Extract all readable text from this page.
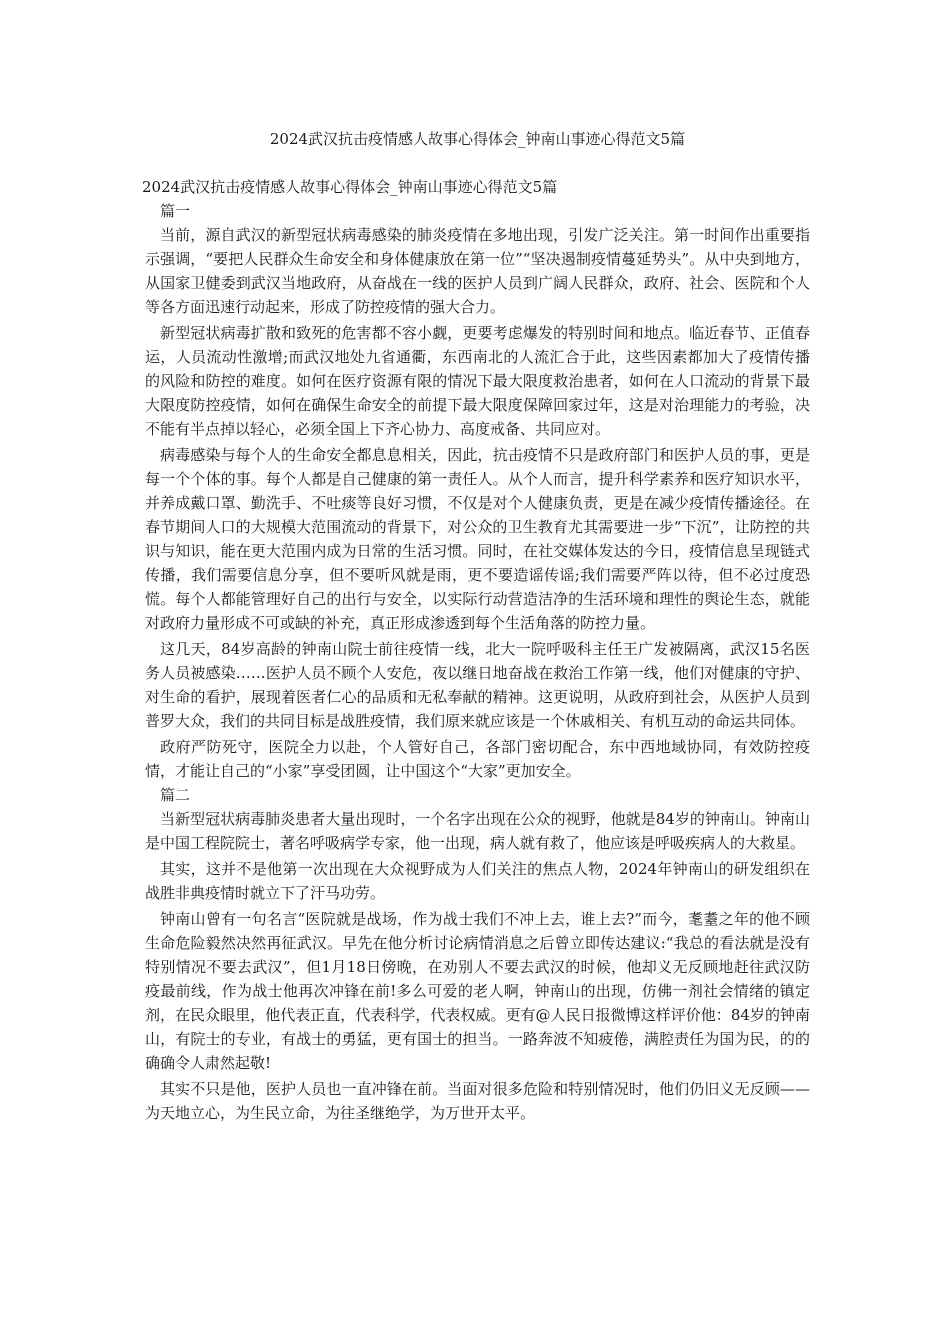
2024武汉抗击疫情感人故事心得体会_钟南山事迹心得范文5篇
2024武汉抗击疫情感人故事心得体会_钟南山事迹心得范文5篇
篇一

当前，源自武汉的新型冠状病毒感染的肺炎疫情在多地出现，引发广泛关注。第一时间作出重要指示强调，“要把人民群众生命安全和身体健康放在第一位”“坚决遏制疫情蔓延势头”。从中央到地方，从国家卫健委到武汉当地政府，从奋战在一线的医护人员到广阔人民群众，政府、社会、医院和个人等各方面迅速行动起来，形成了防控疫情的强大合力。

新型冠状病毒扩散和致死的危害都不容小觑，更要考虑爆发的特别时间和地点。临近春节、正值春运，人员流动性激增;而武汉地处九省通衢，东西南北的人流汇合于此，这些因素都加大了疫情传播的风险和防控的难度。如何在医疗资源有限的情况下最大限度救治患者，如何在人口流动的背景下最大限度防控疫情，如何在确保生命安全的前提下最大限度保障回家过年，这是对治理能力的考验，决不能有半点掉以轻心，必须全国上下齐心协力、高度戒备、共同应对。

病毒感染与每个人的生命安全都息息相关，因此，抗击疫情不只是政府部门和医护人员的事，更是每一个个体的事。每个人都是自己健康的第一责任人。从个人而言，提升科学素养和医疗知识水平，并养成戴口罩、勤洗手、不吐痰等良好习惯，不仅是对个人健康负责，更是在减少疫情传播途径。在春节期间人口的大规模大范围流动的背景下，对公众的卫生教育尤其需要进一步“下沉”，让防控的共识与知识，能在更大范围内成为日常的生活习惯。同时，在社交媒体发达的今日，疫情信息呈现链式传播，我们需要信息分享，但不要听风就是雨，更不要造谣传谣;我们需要严阵以待，但不必过度恐慌。每个人都能管理好自己的出行与安全，以实际行动营造洁净的生活环境和理性的舆论生态，就能对政府力量形成不可或缺的补充，真正形成渗透到每个生活角落的防控力量。

这几天，84岁高龄的钟南山院士前往疫情一线，北大一院呼吸科主任王广发被隔离，武汉15名医务人员被感染……医护人员不顾个人安危，夜以继日地奋战在救治工作第一线，他们对健康的守护、对生命的看护，展现着医者仁心的品质和无私奉献的精神。这更说明，从政府到社会，从医护人员到普罗大众，我们的共同目标是战胜疫情，我们原来就应该是一个休戚相关、有机互动的命运共同体。

政府严防死守，医院全力以赴，个人管好自己，各部门密切配合，东中西地域协同，有效防控疫情，才能让自己的“小家”享受团圆，让中国这个“大家”更加安全。

篇二

当新型冠状病毒肺炎患者大量出现时，一个名字出现在公众的视野，他就是84岁的钟南山。钟南山是中国工程院院士，著名呼吸病学专家，他一出现，病人就有救了，他应该是呼吸疾病人的大救星。

其实，这并不是他第一次出现在大众视野成为人们关注的焦点人物，2024年钟南山的研发组织在战胜非典疫情时就立下了汗马功劳。

钟南山曾有一句名言“医院就是战场，作为战士我们不冲上去，谁上去?”而今，耄耋之年的他不顾生命危险毅然决然再征武汉。早先在他分析讨论病情消息之后曾立即传达建议:“我总的看法就是没有特别情况不要去武汉”，但1月18日傍晚，在劝别人不要去武汉的时候，他却义无反顾地赶往武汉防疫最前线，作为战士他再次冲锋在前!多么可爱的老人啊，钟南山的出现，仿佛一剂社会情绪的镇定剂，在民众眼里，他代表正直，代表科学，代表权威。更有@人民日报微博这样评价他：84岁的钟南山，有院士的专业，有战士的勇猛，更有国士的担当。一路奔波不知疲倦，满腔责任为国为民，的的确确令人肃然起敬!

其实不只是他，医护人员也一直冲锋在前。当面对很多危险和特别情况时，他们仍旧义无反顾——为天地立心，为生民立命，为往圣继绝学，为万世开太平。
